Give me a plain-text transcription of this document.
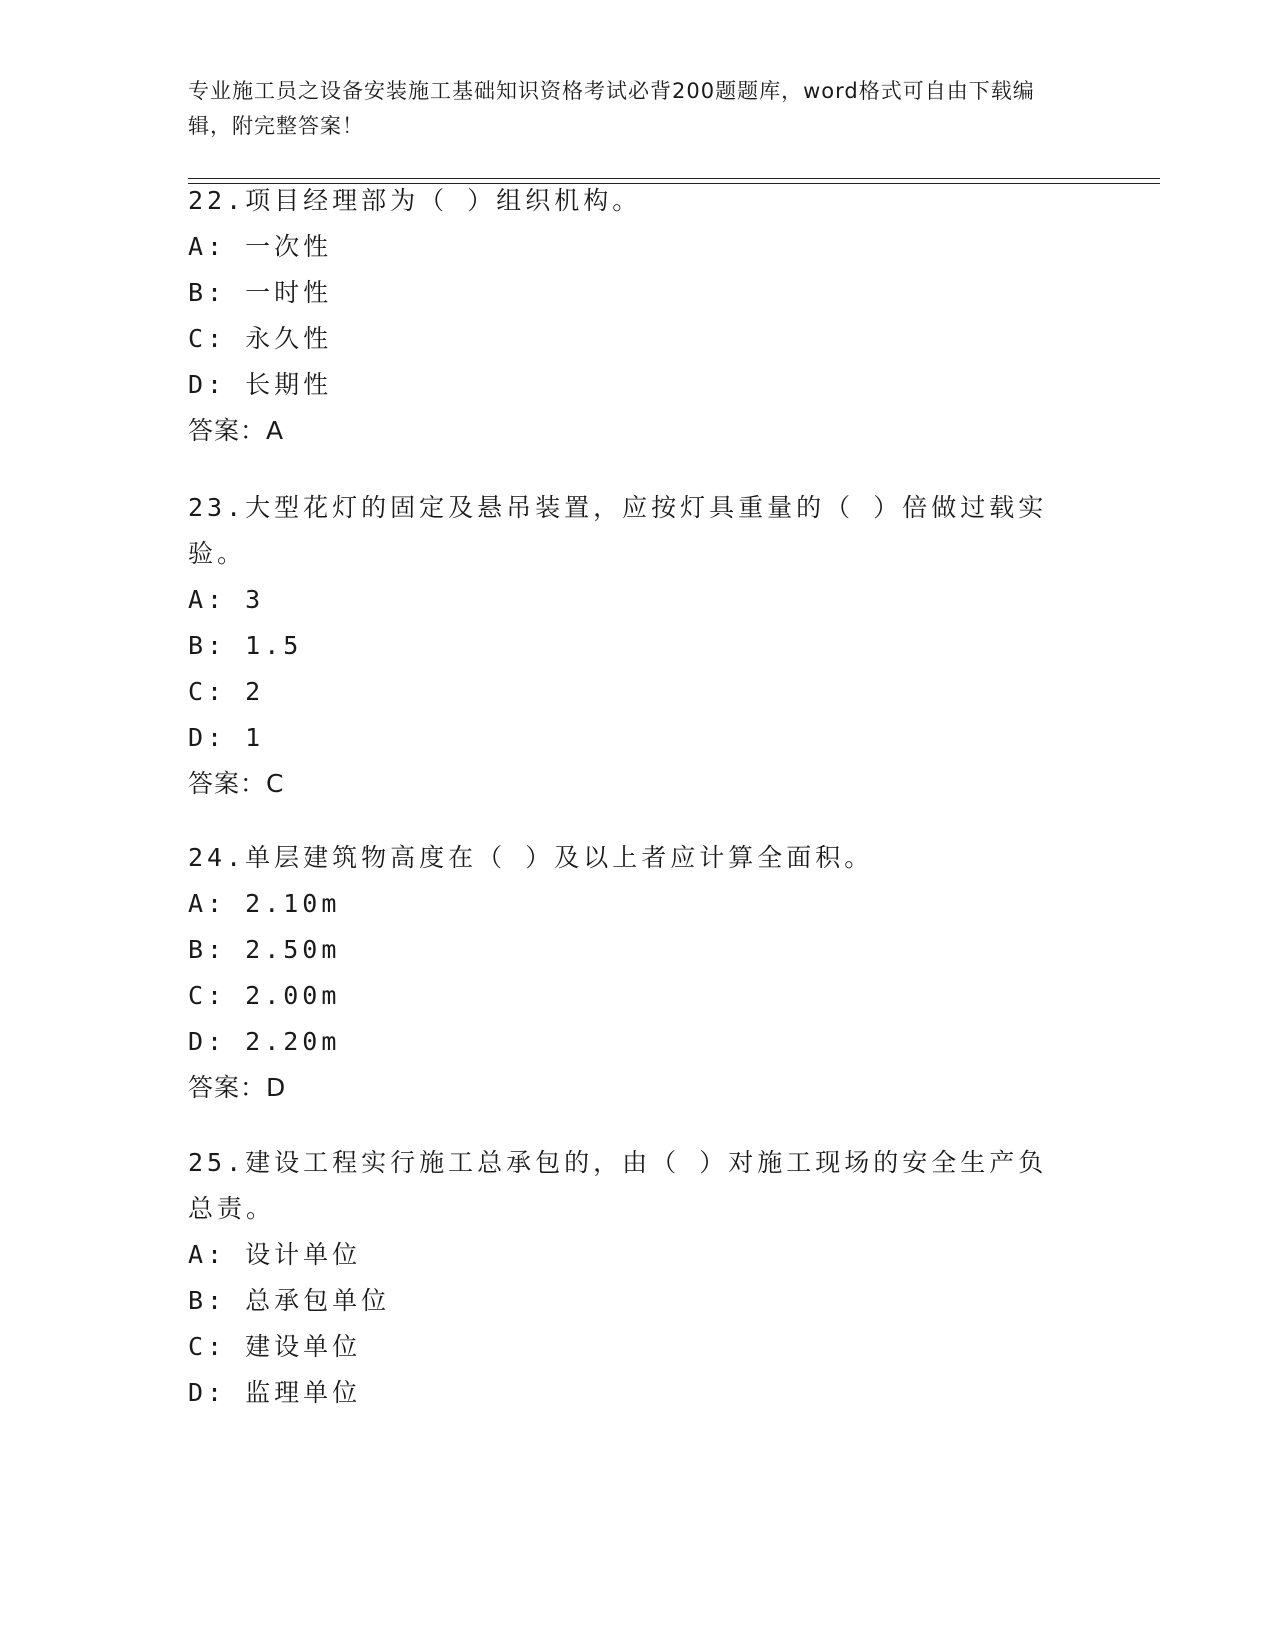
专业施工员之设备安装施工基础知识资格考试必背200题题库，word格式可自由下载编辑，附完整答案！
22.项目经理部为（ ）组织机构。
A: 一次性
B: 一时性
C: 永久性
D: 长期性
答案：A
23.大型花灯的固定及悬吊装置，应按灯具重量的（ ）倍做过载实验。
A: 3
B: 1.5
C: 2
D: 1
答案：C
24.单层建筑物高度在（ ）及以上者应计算全面积。
A: 2.10m
B: 2.50m
C: 2.00m
D: 2.20m
答案：D
25.建设工程实行施工总承包的，由（ ）对施工现场的安全生产负总责。
A: 设计单位
B: 总承包单位
C: 建设单位
D: 监理单位
